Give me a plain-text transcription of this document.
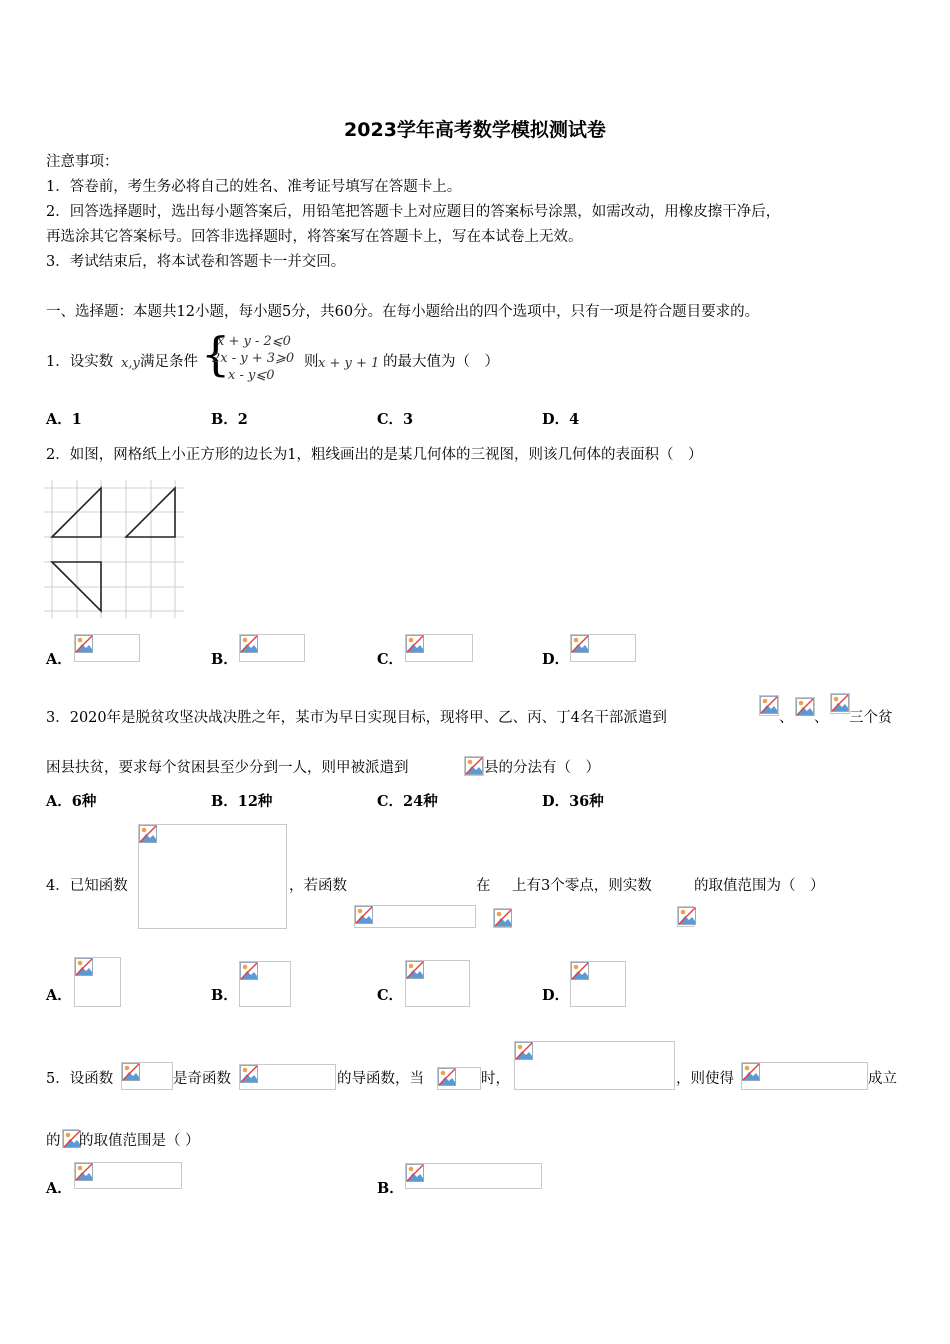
2023学年高考数学模拟测试卷
注意事项：
1．答卷前，考生务必将自己的姓名、准考证号填写在答题卡上。
2．回答选择题时，选出每小题答案后，用铅笔把答题卡上对应题目的答案标号涂黑，如需改动，用橡皮擦干净后，
再选涂其它答案标号。回答非选择题时，将答案写在答题卡上，写在本试卷上无效。
3．考试结束后，将本试卷和答题卡一并交回。
一、选择题：本题共12小题，每小题5分，共60分。在每小题给出的四个选项中，只有一项是符合题目要求的。
1．设实数 x,y 满足条件 {
x + y - 2⩽0
2x - y + 3⩾0
x - y⩽0
则 x + y + 1 的最大值为（　）
A．1	B．2	C．3	D．4
2．如图，网格纸上小正方形的边长为1，粗线画出的是某几何体的三视图，则该几何体的表面积（　）
A．	B．	C．	D．
3．2020年是脱贫攻坚决战决胜之年，某市为早日实现目标，现将甲、乙、丙、丁4名干部派遣到	、 、 三个贫
困县扶贫，要求每个贫困县至少分到一人，则甲被派遣到	县的分法有（　）
A．6种	B．12种	C．24种	D．36种
4．已知函数	，若函数	在 上有3个零点，则实数	的取值范围为（　）
A．	B．	C．	D．
5．设函数	是奇函数	的导函数，当	时，	，则使得	成立
的 的取值范围是（ ）
A．	B．
